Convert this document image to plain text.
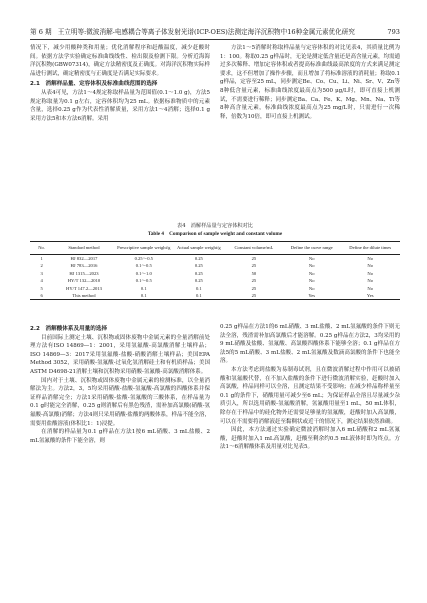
第 6 期 王立明等:微波消解-电感耦合等离子体发射光谱(ICP-OES)法测定海洋沉积物中16种金属元素优化研究	793

情况下，减少用酸种类和用量；优化消解程序和赶酸温度，减少赶酸时间。依据方法学实验确定标准曲线线性、检出限及检测下限。分析近海海洋沉积物(GBW07314)，确定方法精密度及正确度。对海洋沉积物实际样品进行测试，确定精密度与正确度是否满足实际要求。

2.1　消解样品量、定容体积及标准曲线范围的选择

从表4可见，方法1～4规定称取样品量为范围值(0.1～1.0 g)，方法5规定称取量为0.1 g左右，定容体积均为25 mL。依据标准物质中的元素含量，选择0.25 g作为代表性消解质量，采用方法1～4消解；选择0.1 g采用方法5和本方法6消解。采用

方法1～5消解时称取样品量与定容体积的对比见表4，其质量比例为1：100。称取0.25 g样品时，无论是测定低含量还是高含量元素，均需通过多次稀释、增加定容体积或者提高标准曲线最高浓度的方式来满足测定要求，这不但增加了操作步骤，而且增加了将标准溶液的消耗量；称取0.1 g样品，定容至25 mL，同步测定Be、Co、Cu、Li、Ni、Sr、V、Zn等8种低含量元素，标准曲线浓度最高点为500 μg/L时，即可直接上机测试，不需要进行稀释；同步测定Ba、Ca、Fe、K、Mg、Mn、Na、Ti等8种高含量元素，标准曲线浓度最高点为25 mg/L时，只需进行一次稀释，倍数为10倍，即可直接上机测试。

表4　消解样品量与定容体积对比
Table 4　Comparison of sample weight and constant volume
No.	Standard method	Prescriptive sample weight/g	Actual sample weight/g	Constant volume/mL	Define the curve range	Define the dilute times
1	HJ 832—2017	0.25～0.5	0.25	25	No	No
2	HJ 783—2016	0.1～0.5	0.25	25	No	No
3	HJ 1315—2023	0.1～1.0	0.25	50	No	No
4	HY/T 132—2010	0.1～0.5	0.25	25	No	No
5	HY/T 147.2—2013	0.1	0.1	25	No	No
6	This method	0.1	0.1	25	Yes	Yes
2.2　消解酸体系及用量的选择

目前国际上测定土壤、沉积物或固体废物中金属元素的全量消解前处理方法有ISO 14869—1：2001，采用氢氟酸-高氯酸消解土壤样品；ISO 14869—3：2017采用氢氟酸-盐酸-硝酸消解土壤样品；美国EPA Method 3052，采用硝酸-氢氟酸-过氧化氢消解硅土和有机质样品；美国ASTM D4698-21消解土壤和沉积物采用硝酸-氢氟酸-高氯酸消解体系。

国内对于土壤、沉积物或固体废物中金属元素的检测标准，以全量消解法为主。方法2，3，5均采用硝酸-盐酸-氢氟酸-高氯酸的四酸体系并保证样品消解完全；方法1采用硝酸-盐酸-氢氟酸的三酸体系，在样品量为0.1 g时能完全消解，0.25 g则消解后有黑色残渣，需补加高氯酸(硝酸-氢氟酸-高氯酸)消解；方法4则只采用硝酸-盐酸的两酸体系，样品不能全溶，需要用盐酸溶液(体积比1：1)浸提。

在消解的样品量为0.1 g样品在方法1按6 mL硝酸、3 mL盐酸、2 mL氢氟酸的条件下能全溶，则

0.25 g样品在方法1的6 mL硝酸、3 mL盐酸、2 mL氢氟酸的条件下则无法全溶，残渣需补加高氯酸后才能溶解。0.25 g样品在方法2，3均采用的9 mL硝酸及盐酸、氢氟酸、高氯酸四酸体系下能够全溶；0.1 g样品在方法5的5 mL硝酸、3 mL盐酸、2 mL氢氟酸及数滴高氯酸的条件下也能全溶。

本方法考虑到盐酸为易制毒试剂，且在微波消解过程中作用可以被硝酸和氢氟酸代替，在不加入盐酸的条件下进行微波消解实验，赶酸时加入高氯酸，样品同样可以全溶，且测定结果不受影响；在减少样品称样量至0.1 g的条件下，硝酸用量可减少至6 mL；为保证样品全溶且尽量减少杂质引入，所以选用硝酸-氢氟酸消解，氢氟酸用量至1 mL，50 mL体积，除存在于样品中的硅化物外还需要足够量的氢氟酸，赶酸时加入高氯酸，可以在不需要将消解液赶至黏稠状或近干的情况下，测定结果依然准确。

因此，本方法通过实验确定微波消解时加入6 mL硝酸和2 mL氢氟酸，赶酸时加入1 mL高氯酸，赶酸至剩余约0.5 mL液体时即为终点。方法1～6消解酸体系及用量对比见表5。
